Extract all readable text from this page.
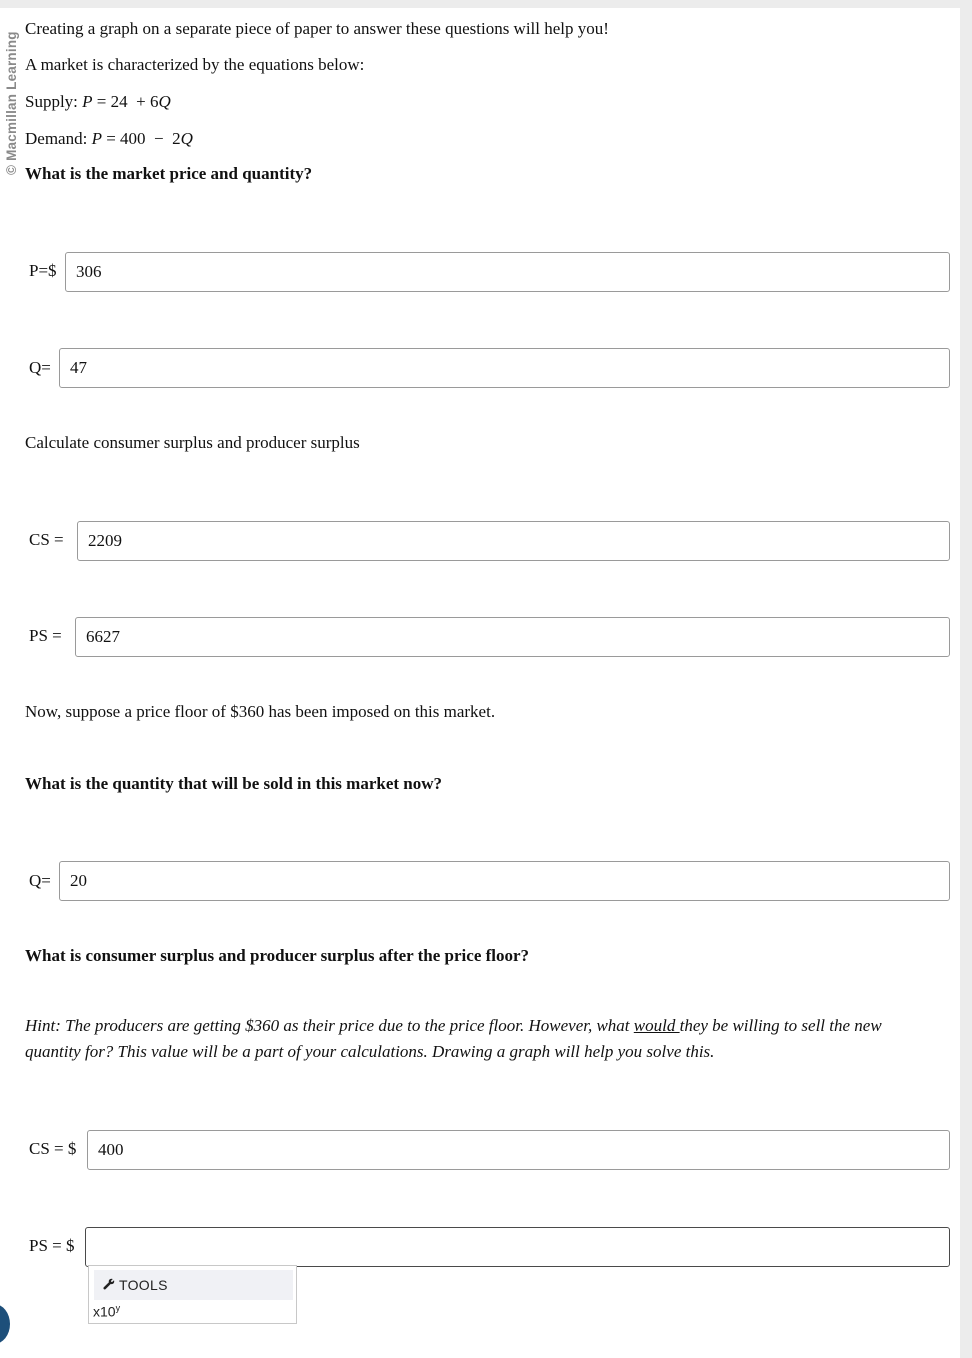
© Macmillan Learning
Creating a graph on a separate piece of paper to answer these questions will help you!
A market is characterized by the equations below:
Supply: P = 24  + 6Q
Demand: P = 400  −  2Q
What is the market price and quantity?
P=$	306
Q=	47
Calculate consumer surplus and producer surplus
CS =	2209
PS =	6627
Now, suppose a price floor of $360 has been imposed on this market.
What is the quantity that will be sold in this market now?
Q=	20
What is consumer surplus and producer surplus after the price floor?
Hint: The producers are getting $360 as their price due to the price floor. However, what would they be willing to sell the new quantity for? This value will be a part of your calculations. Drawing a graph will help you solve this.
CS = $	400
PS = $
TOOLS
x10$^y$
